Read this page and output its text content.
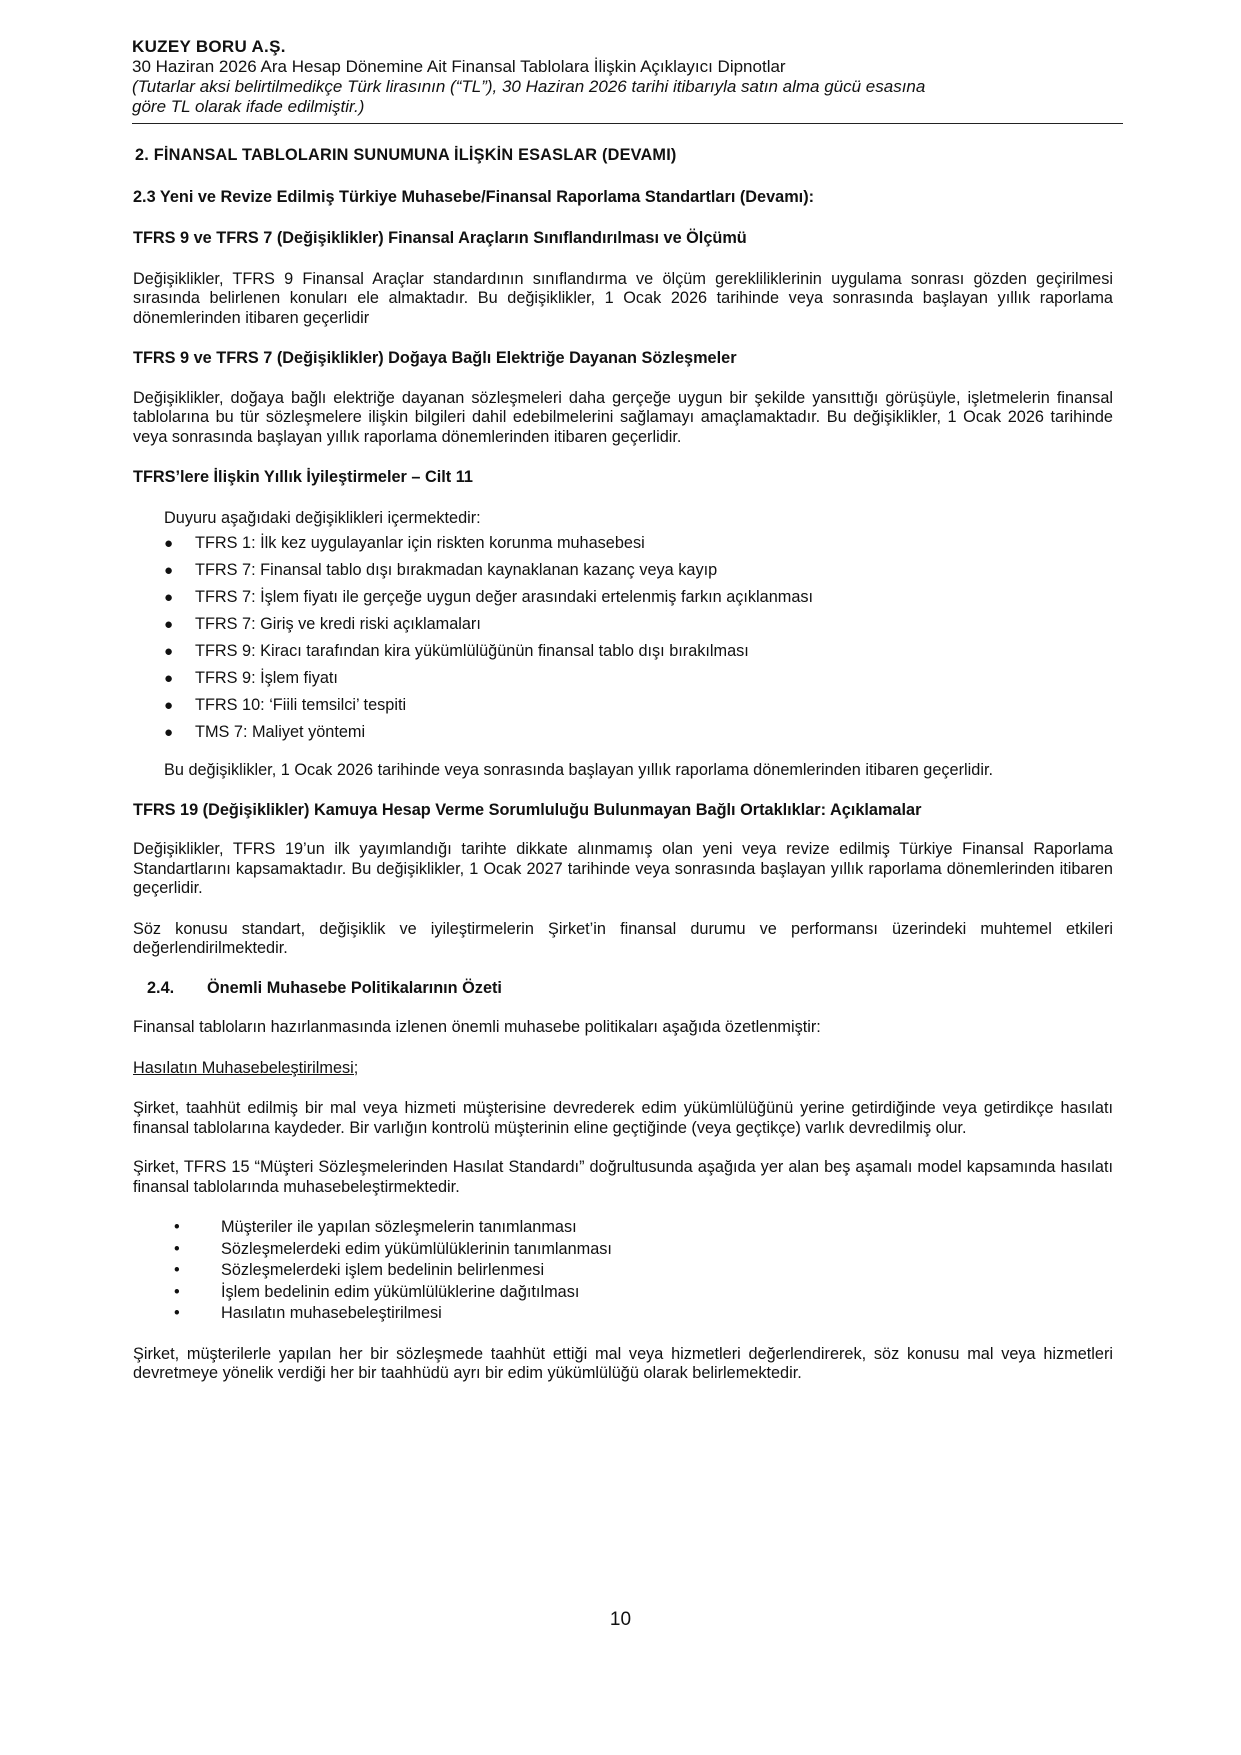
KUZEY BORU A.Ş.
30 Haziran 2026 Ara Hesap Dönemine Ait Finansal Tablolara İlişkin Açıklayıcı Dipnotlar
(Tutarlar aksi belirtilmedikçe Türk lirasının (“TL”), 30 Haziran 2026 tarihi itibarıyla satın alma gücü esasına
göre TL olarak ifade edilmiştir.)

2. FİNANSAL TABLOLARIN SUNUMUNA İLİŞKİN ESASLAR (DEVAMI)

2.3 Yeni ve Revize Edilmiş Türkiye Muhasebe/Finansal Raporlama Standartları (Devamı):

TFRS 9 ve TFRS 7 (Değişiklikler) Finansal Araçların Sınıflandırılması ve Ölçümü

Değişiklikler, TFRS 9 Finansal Araçlar standardının sınıflandırma ve ölçüm gerekliliklerinin uygulama sonrası gözden geçirilmesi sırasında belirlenen konuları ele almaktadır. Bu değişiklikler, 1 Ocak 2026 tarihinde veya sonrasında başlayan yıllık raporlama dönemlerinden itibaren geçerlidir

TFRS 9 ve TFRS 7 (Değişiklikler) Doğaya Bağlı Elektriğe Dayanan Sözleşmeler

Değişiklikler, doğaya bağlı elektriğe dayanan sözleşmeleri daha gerçeğe uygun bir şekilde yansıttığı görüşüyle, işletmelerin finansal tablolarına bu tür sözleşmelere ilişkin bilgileri dahil edebilmelerini sağlamayı amaçlamaktadır. Bu değişiklikler, 1 Ocak 2026 tarihinde veya sonrasında başlayan yıllık raporlama dönemlerinden itibaren geçerlidir.

TFRS’lere İlişkin Yıllık İyileştirmeler – Cilt 11

Duyuru aşağıdaki değişiklikleri içermektedir:

● TFRS 1: İlk kez uygulayanlar için riskten korunma muhasebesi
● TFRS 7: Finansal tablo dışı bırakmadan kaynaklanan kazanç veya kayıp
● TFRS 7: İşlem fiyatı ile gerçeğe uygun değer arasındaki ertelenmiş farkın açıklanması
● TFRS 7: Giriş ve kredi riski açıklamaları
● TFRS 9: Kiracı tarafından kira yükümlülüğünün finansal tablo dışı bırakılması
● TFRS 9: İşlem fiyatı
● TFRS 10: ‘Fiili temsilci’ tespiti
● TMS 7: Maliyet yöntemi

Bu değişiklikler, 1 Ocak 2026 tarihinde veya sonrasında başlayan yıllık raporlama dönemlerinden itibaren geçerlidir.

TFRS 19 (Değişiklikler) Kamuya Hesap Verme Sorumluluğu Bulunmayan Bağlı Ortaklıklar: Açıklamalar

Değişiklikler, TFRS 19’un ilk yayımlandığı tarihte dikkate alınmamış olan yeni veya revize edilmiş Türkiye Finansal Raporlama Standartlarını kapsamaktadır. Bu değişiklikler, 1 Ocak 2027 tarihinde veya sonrasında başlayan yıllık raporlama dönemlerinden itibaren geçerlidir.

Söz konusu standart, değişiklik ve iyileştirmelerin Şirket’in finansal durumu ve performansı üzerindeki muhtemel etkileri değerlendirilmektedir.

2.4. Önemli Muhasebe Politikalarının Özeti

Finansal tabloların hazırlanmasında izlenen önemli muhasebe politikaları aşağıda özetlenmiştir:

Hasılatın Muhasebeleştirilmesi;

Şirket, taahhüt edilmiş bir mal veya hizmeti müşterisine devrederek edim yükümlülüğünü yerine getirdiğinde veya getirdikçe hasılatı finansal tablolarına kaydeder. Bir varlığın kontrolü müşterinin eline geçtiğinde (veya geçtikçe) varlık devredilmiş olur.

Şirket, TFRS 15 “Müşteri Sözleşmelerinden Hasılat Standardı” doğrultusunda aşağıda yer alan beş aşamalı model kapsamında hasılatı finansal tablolarında muhasebeleştirmektedir.

•	Müşteriler ile yapılan sözleşmelerin tanımlanması
•	Sözleşmelerdeki edim yükümlülüklerinin tanımlanması
•	Sözleşmelerdeki işlem bedelinin belirlenmesi
•	İşlem bedelinin edim yükümlülüklerine dağıtılması
•	Hasılatın muhasebeleştirilmesi

Şirket, müşterilerle yapılan her bir sözleşmede taahhüt ettiği mal veya hizmetleri değerlendirerek, söz konusu mal veya hizmetleri devretmeye yönelik verdiği her bir taahhüdü ayrı bir edim yükümlülüğü olarak belirlemektedir.

10
